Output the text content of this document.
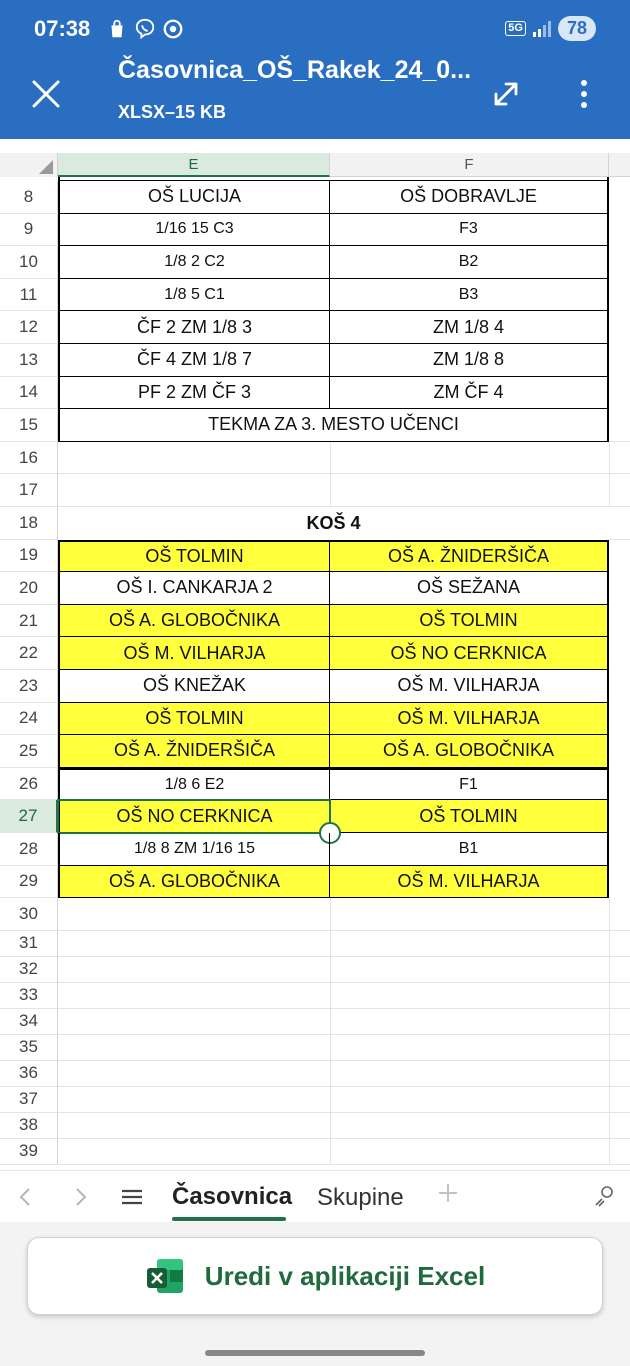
07:38	5G	78
Časovnica_OŠ_Rakek_24_0...
XLSX–15 KB
8	OŠ LUCIJA	OŠ DOBRAVLJE
9	1/16 15 C3	F3
10	1/8 2 C2	B2
11	1/8 5 C1	B3
12	ČF 2 ZM 1/8 3	ZM 1/8 4
13	ČF 4 ZM 1/8 7	ZM 1/8 8
14	PF 2 ZM ČF 3	ZM ČF 4
15	TEKMA ZA 3. MESTO UČENCI
16
17
18	KOŠ 4
19	OŠ TOLMIN	OŠ A. ŽNIDERŠIČA
20	OŠ I. CANKARJA 2	OŠ SEŽANA
21	OŠ A. GLOBOČNIKA	OŠ TOLMIN
22	OŠ M. VILHARJA	OŠ NO CERKNICA
23	OŠ KNEŽAK	OŠ M. VILHARJA
24	OŠ TOLMIN	OŠ M. VILHARJA
25	OŠ A. ŽNIDERŠIČA	OŠ A. GLOBOČNIKA
26	1/8 6 E2	F1
27	OŠ NO CERKNICA	OŠ TOLMIN
28	1/8 8 ZM 1/16 15	B1
29	OŠ A. GLOBOČNIKA	OŠ M. VILHARJA
30
31
32
33
34
35
36
37
38
39
E	F
Časovnica Skupine
Uredi v aplikaciji Excel
